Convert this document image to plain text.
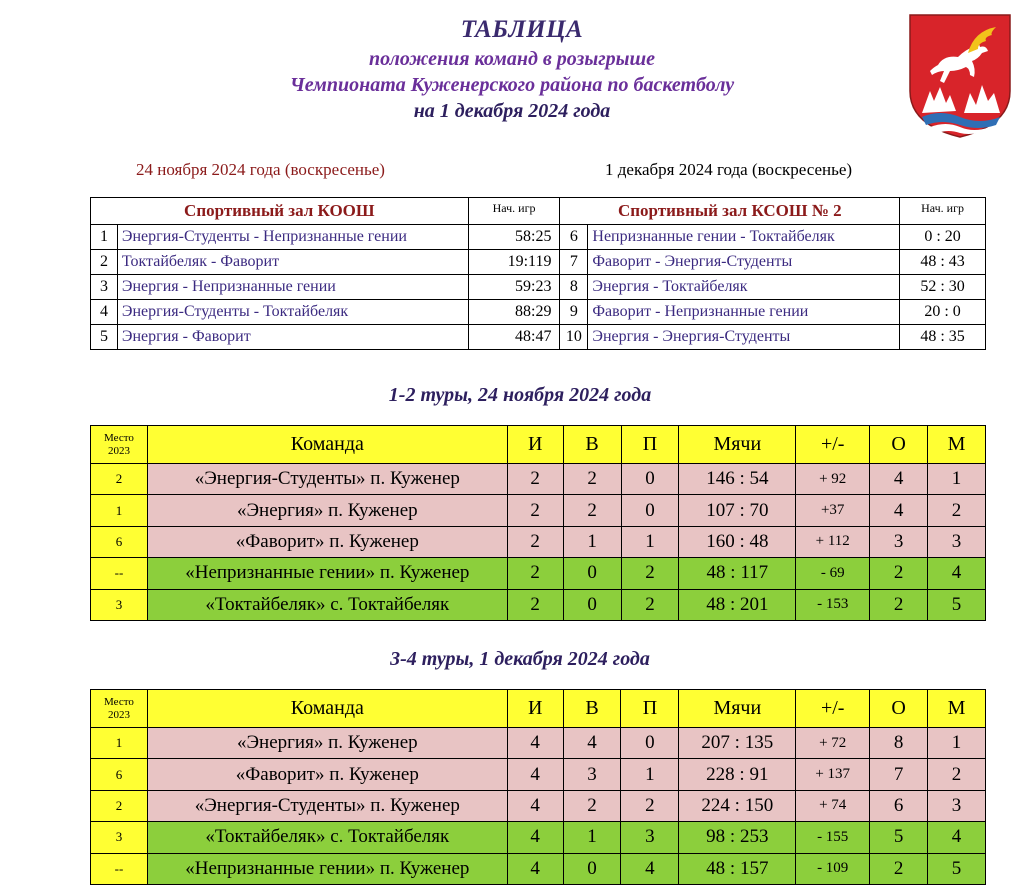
ТАБЛИЦА
положения команд в розыгрыше
Чемпионата Куженерского района по баскетболу
на 1 декабря 2024 года
24 ноября 2024 года (воскресенье)	1 декабря 2024 года (воскресенье)
Спортивный зал КООШ		Нач. игр	Спортивный зал КСОШ № 2		Нач. игр
1	Энергия-Студенты - Непризнанные гении	58:25	6	Непризнанные гении - Токтайбеляк	0 : 20
2	Токтайбеляк - Фаворит	19:119	7	Фаворит - Энергия-Студенты	48 : 43
3	Энергия - Непризнанные гении	59:23	8	Энергия - Токтайбеляк	52 : 30
4	Энергия-Студенты - Токтайбеляк	88:29	9	Фаворит - Непризнанные гении	20 : 0
5	Энергия - Фаворит	48:47	10	Энергия - Энергия-Студенты	48 : 35
1-2 туры, 24 ноября 2024 года
Место
2023	Команда	И	В	П	Мячи	+/-	О	М
2	«Энергия-Студенты» п. Куженер	2	2	0	146 : 54	+ 92	4	1
1	«Энергия» п. Куженер	2	2	0	107 : 70	+37	4	2
6	«Фаворит» п. Куженер	2	1	1	160 : 48	+ 112	3	3
--	«Непризнанные гении» п. Куженер	2	0	2	48 : 117	- 69	2	4
3	«Токтайбеляк» с. Токтайбеляк	2	0	2	48 : 201	- 153	2	5
3-4 туры, 1 декабря 2024 года
Место
2023	Команда	И	В	П	Мячи	+/-	О	М
1	«Энергия» п. Куженер	4	4	0	207 : 135	+ 72	8	1
6	«Фаворит» п. Куженер	4	3	1	228 : 91	+ 137	7	2
2	«Энергия-Студенты» п. Куженер	4	2	2	224 : 150	+ 74	6	3
3	«Токтайбеляк» с. Токтайбеляк	4	1	3	98 : 253	- 155	5	4
--	«Непризнанные гении» п. Куженер	4	0	4	48 : 157	- 109	2	5
